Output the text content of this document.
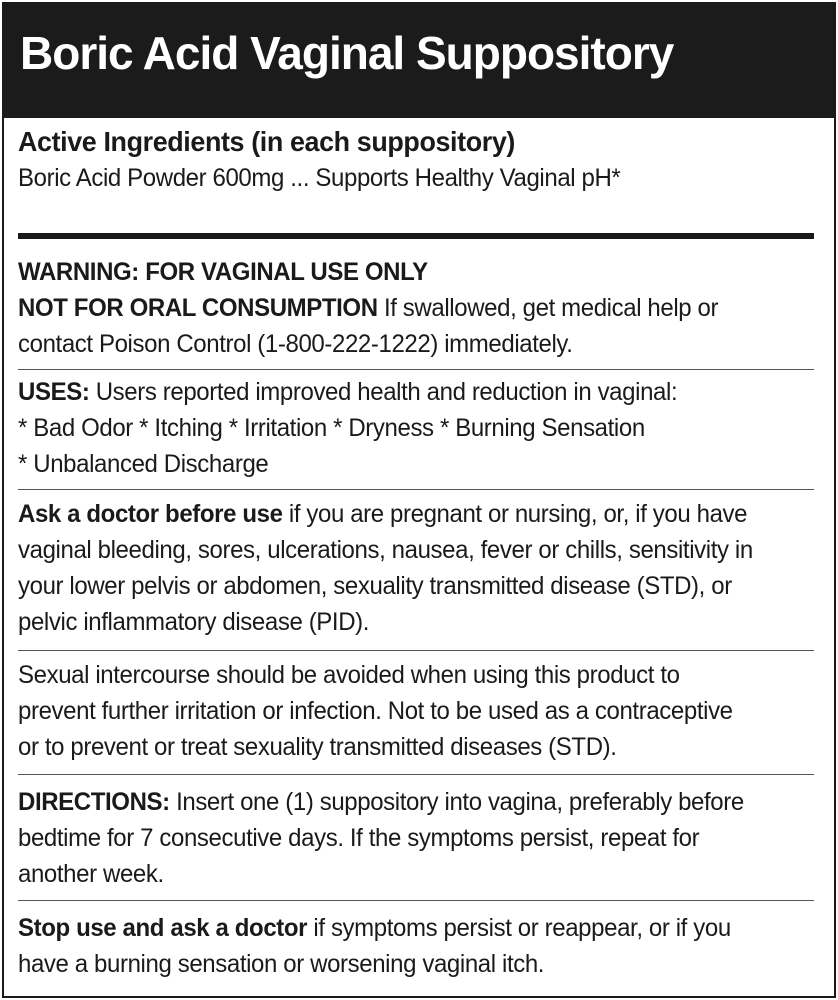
Boric Acid Vaginal Suppository
Active Ingredients (in each suppository)
Boric Acid Powder 600mg ... Supports Healthy Vaginal pH*
WARNING: FOR VAGINAL USE ONLY
NOT FOR ORAL CONSUMPTION If swallowed, get medical help or
contact Poison Control (1-800-222-1222) immediately.
USES: Users reported improved health and reduction in vaginal:
* Bad Odor * Itching * Irritation * Dryness * Burning Sensation
* Unbalanced Discharge
Ask a doctor before use if you are pregnant or nursing, or, if you have
vaginal bleeding, sores, ulcerations, nausea, fever or chills, sensitivity in
your lower pelvis or abdomen, sexuality transmitted disease (STD), or
pelvic inflammatory disease (PID).
Sexual intercourse should be avoided when using this product to
prevent further irritation or infection. Not to be used as a contraceptive
or to prevent or treat sexuality transmitted diseases (STD).
DIRECTIONS: Insert one (1) suppository into vagina, preferably before
bedtime for 7 consecutive days. If the symptoms persist, repeat for
another week.
Stop use and ask a doctor if symptoms persist or reappear, or if you
have a burning sensation or worsening vaginal itch.
